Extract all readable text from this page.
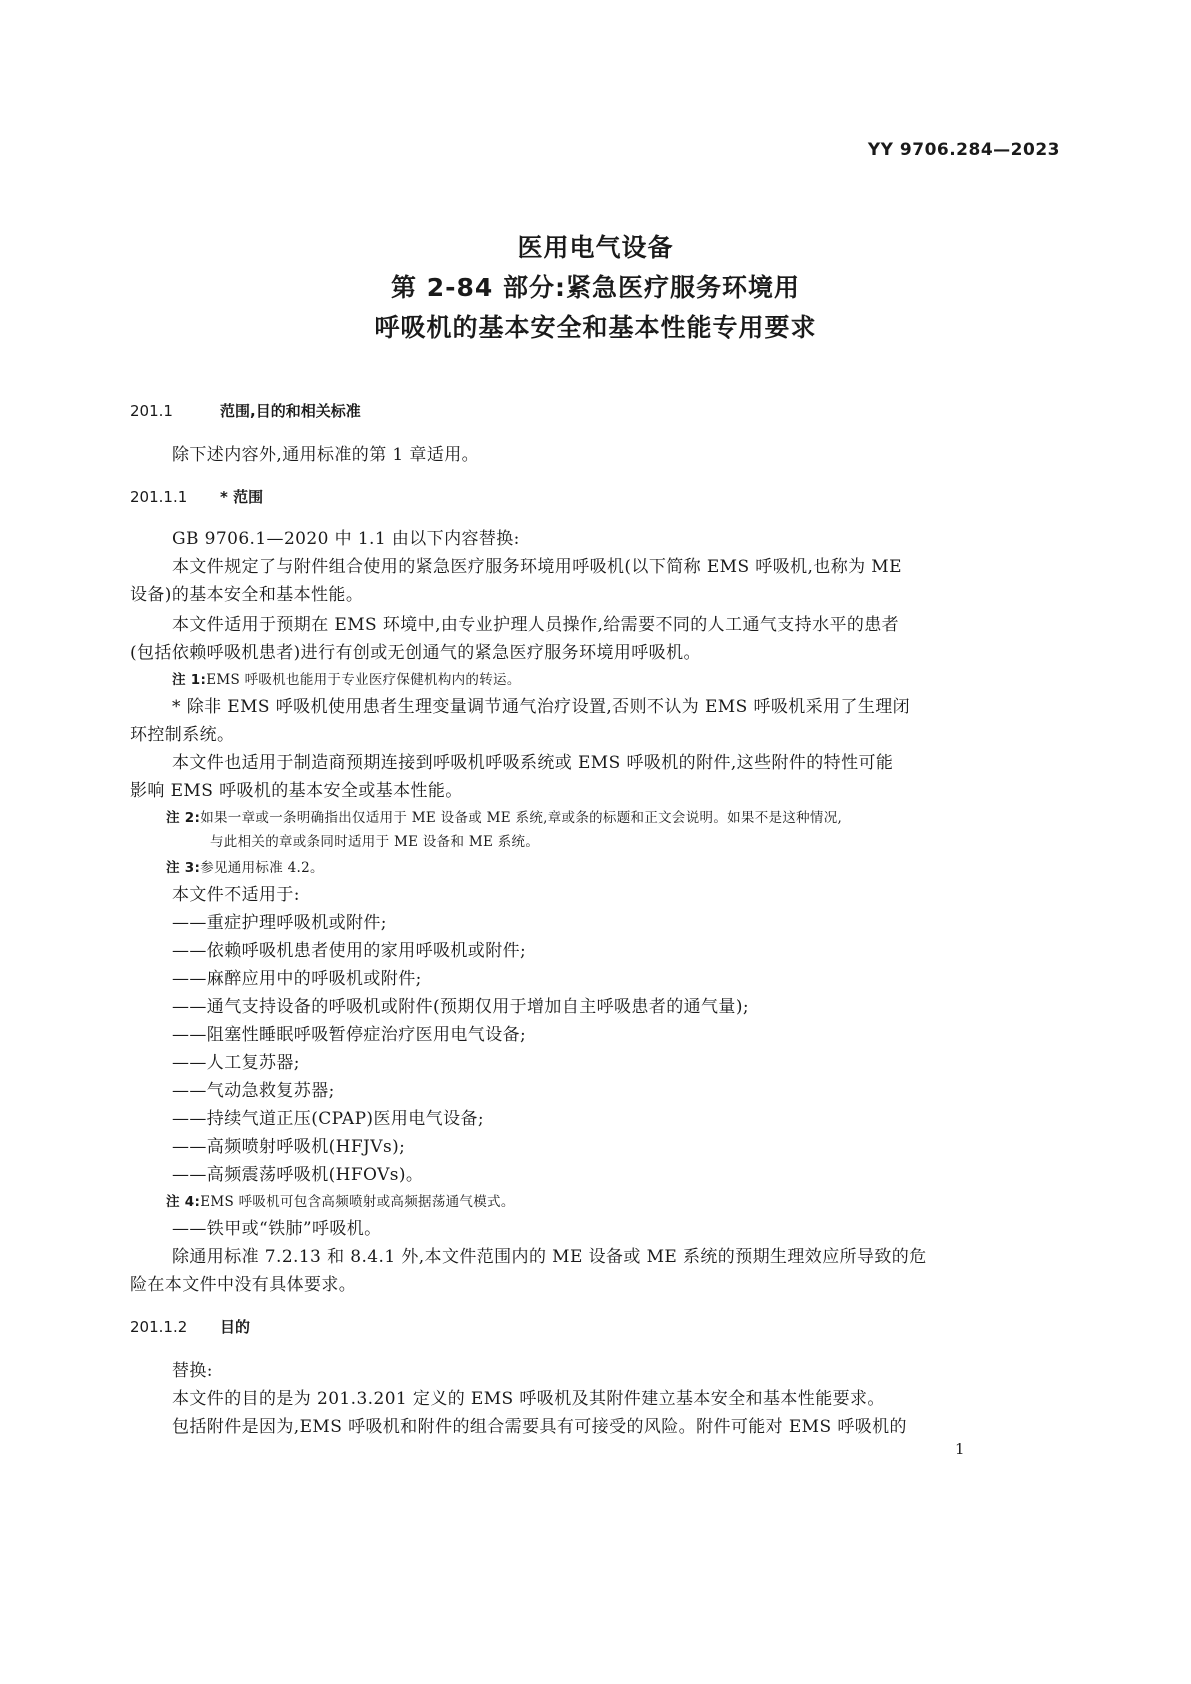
YY 9706.284—2023
医用电气设备
第 2-84 部分:紧急医疗服务环境用
呼吸机的基本安全和基本性能专用要求
201.1	范围,目的和相关标准
除下述内容外,通用标准的第 1 章适用。
201.1.1 * 范围
GB 9706.1—2020 中 1.1 由以下内容替换:
本文件规定了与附件组合使用的紧急医疗服务环境用呼吸机(以下简称 EMS 呼吸机,也称为 ME
设备)的基本安全和基本性能。
本文件适用于预期在 EMS 环境中,由专业护理人员操作,给需要不同的人工通气支持水平的患者
(包括依赖呼吸机患者)进行有创或无创通气的紧急医疗服务环境用呼吸机。
注 1:EMS 呼吸机也能用于专业医疗保健机构内的转运。
* 除非 EMS 呼吸机使用患者生理变量调节通气治疗设置,否则不认为 EMS 呼吸机采用了生理闭
环控制系统。
本文件也适用于制造商预期连接到呼吸机呼吸系统或 EMS 呼吸机的附件,这些附件的特性可能
影响 EMS 呼吸机的基本安全或基本性能。
注 2:如果一章或一条明确指出仅适用于 ME 设备或 ME 系统,章或条的标题和正文会说明。如果不是这种情况,
与此相关的章或条同时适用于 ME 设备和 ME 系统。
注 3:参见通用标准 4.2。
本文件不适用于:
——重症护理呼吸机或附件;
——依赖呼吸机患者使用的家用呼吸机或附件;
——麻醉应用中的呼吸机或附件;
——通气支持设备的呼吸机或附件(预期仅用于增加自主呼吸患者的通气量);
——阻塞性睡眠呼吸暂停症治疗医用电气设备;
——人工复苏器;
——气动急救复苏器;
——持续气道正压(CPAP)医用电气设备;
——高频喷射呼吸机(HFJVs);
——高频震荡呼吸机(HFOVs)。
注 4:EMS 呼吸机可包含高频喷射或高频据荡通气模式。
——铁甲或“铁肺”呼吸机。
除通用标准 7.2.13 和 8.4.1 外,本文件范围内的 ME 设备或 ME 系统的预期生理效应所导致的危
险在本文件中没有具体要求。
201.1.2 目的
替换:
本文件的目的是为 201.3.201 定义的 EMS 呼吸机及其附件建立基本安全和基本性能要求。
包括附件是因为,EMS 呼吸机和附件的组合需要具有可接受的风险。附件可能对 EMS 呼吸机的
1
